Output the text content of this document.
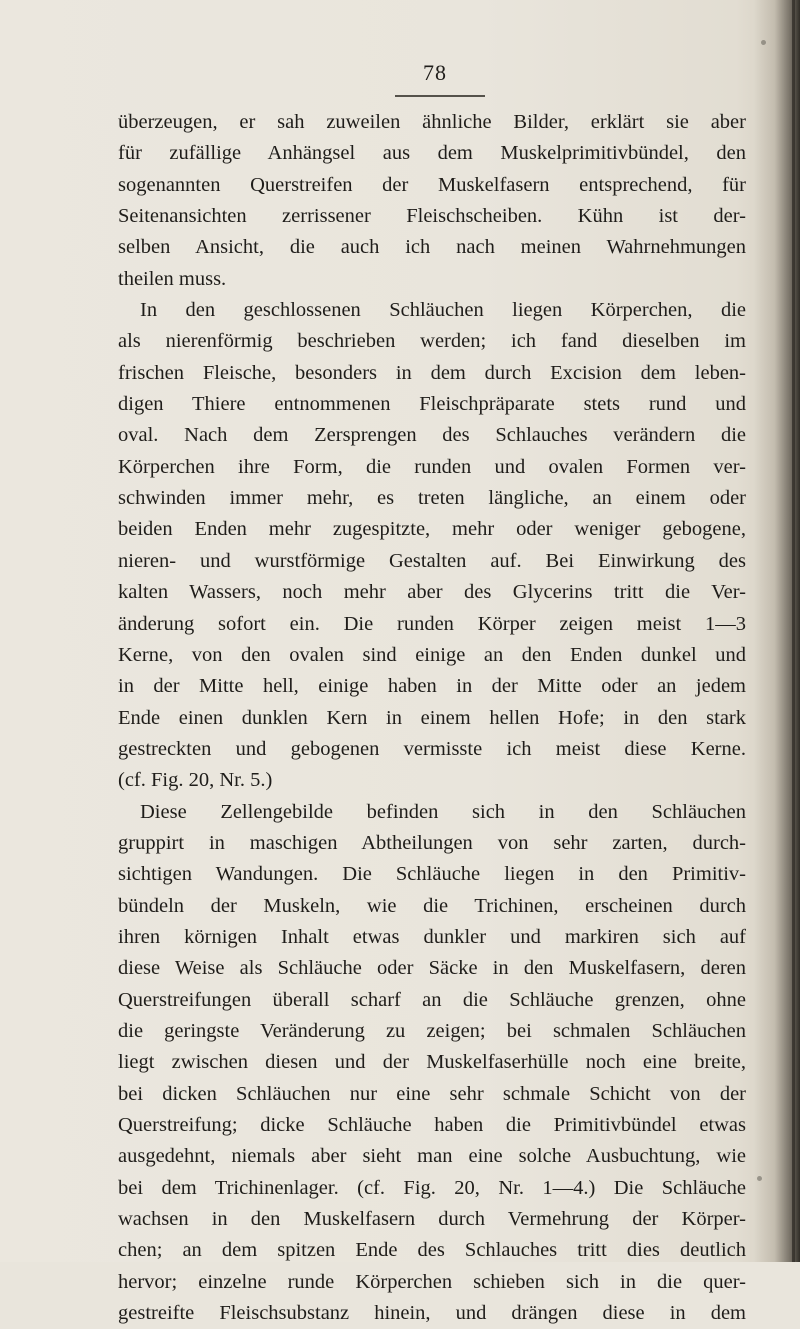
78
überzeugen, er sah zuweilen ähnliche Bilder, erklärt sie aber
für zufällige Anhängsel aus dem Muskelprimitivbündel, den
sogenannten Querstreifen der Muskelfasern entsprechend, für
Seitenansichten zerrissener Fleischscheiben. Kühn ist der-
selben Ansicht, die auch ich nach meinen Wahrnehmungen
theilen muss.
In den geschlossenen Schläuchen liegen Körperchen, die
als nierenförmig beschrieben werden; ich fand dieselben im
frischen Fleische, besonders in dem durch Excision dem leben-
digen Thiere entnommenen Fleischpräparate stets rund und
oval. Nach dem Zersprengen des Schlauches verändern die
Körperchen ihre Form, die runden und ovalen Formen ver-
schwinden immer mehr, es treten längliche, an einem oder
beiden Enden mehr zugespitzte, mehr oder weniger gebogene,
nieren- und wurstförmige Gestalten auf. Bei Einwirkung des
kalten Wassers, noch mehr aber des Glycerins tritt die Ver-
änderung sofort ein. Die runden Körper zeigen meist 1—3
Kerne, von den ovalen sind einige an den Enden dunkel und
in der Mitte hell, einige haben in der Mitte oder an jedem
Ende einen dunklen Kern in einem hellen Hofe; in den stark
gestreckten und gebogenen vermisste ich meist diese Kerne.
(cf. Fig. 20, Nr. 5.)
Diese Zellengebilde befinden sich in den Schläuchen
gruppirt in maschigen Abtheilungen von sehr zarten, durch-
sichtigen Wandungen. Die Schläuche liegen in den Primitiv-
bündeln der Muskeln, wie die Trichinen, erscheinen durch
ihren körnigen Inhalt etwas dunkler und markiren sich auf
diese Weise als Schläuche oder Säcke in den Muskelfasern, deren
Querstreifungen überall scharf an die Schläuche grenzen, ohne
die geringste Veränderung zu zeigen; bei schmalen Schläuchen
liegt zwischen diesen und der Muskelfaserhülle noch eine breite,
bei dicken Schläuchen nur eine sehr schmale Schicht von der
Querstreifung; dicke Schläuche haben die Primitivbündel etwas
ausgedehnt, niemals aber sieht man eine solche Ausbuchtung, wie
bei dem Trichinenlager. (cf. Fig. 20, Nr. 1—4.) Die Schläuche
wachsen in den Muskelfasern durch Vermehrung der Körper-
chen; an dem spitzen Ende des Schlauches tritt dies deutlich
hervor; einzelne runde Körperchen schieben sich in die quer-
gestreifte Fleischsubstanz hinein, und drängen diese in dem
